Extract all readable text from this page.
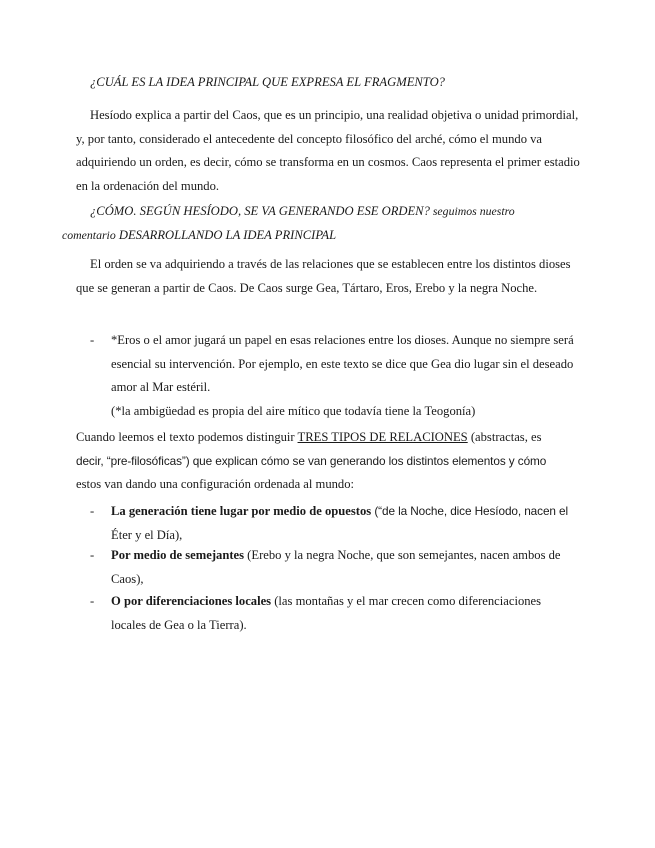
¿CUÁL ES LA IDEA PRINCIPAL QUE EXPRESA EL FRAGMENTO?

Hesíodo explica a partir del Caos, que es un principio, una realidad objetiva o unidad primordial, y, por tanto, considerado el antecedente del concepto filosófico del arché, cómo el mundo va adquiriendo un orden, es decir, cómo se transforma en un cosmos. Caos representa el primer estadio en la ordenación del mundo.

¿CÓMO. SEGÚN HESÍODO, SE VA GENERANDO ESE ORDEN? seguimos nuestro
comentario DESARROLLANDO LA IDEA PRINCIPAL

El orden se va adquiriendo a través de las relaciones que se establecen entre los distintos dioses que se generan a partir de Caos. De Caos surge Gea, Tártaro, Eros, Erebo y la negra Noche.

- *Eros o el amor jugará un papel en esas relaciones entre los dioses. Aunque no siempre será esencial su intervención. Por ejemplo, en este texto se dice que Gea dio lugar sin el deseado amor al Mar estéril.
(*la ambigüedad es propia del aire mítico que todavía tiene la Teogonía)

Cuando leemos el texto podemos distinguir TRES TIPOS DE RELACIONES (abstractas, es
decir, “pre-filosóficas”) que explican cómo se van generando los distintos elementos y cómo
estos van dando una configuración ordenada al mundo:

- La generación tiene lugar por medio de opuestos (“de la Noche, dice Hesíodo, nacen el
Éter y el Día),

- Por medio de semejantes (Erebo y la negra Noche, que son semejantes, nacen ambos de
Caos),

- O por diferenciaciones locales (las montañas y el mar crecen como diferenciaciones
locales de Gea o la Tierra).
